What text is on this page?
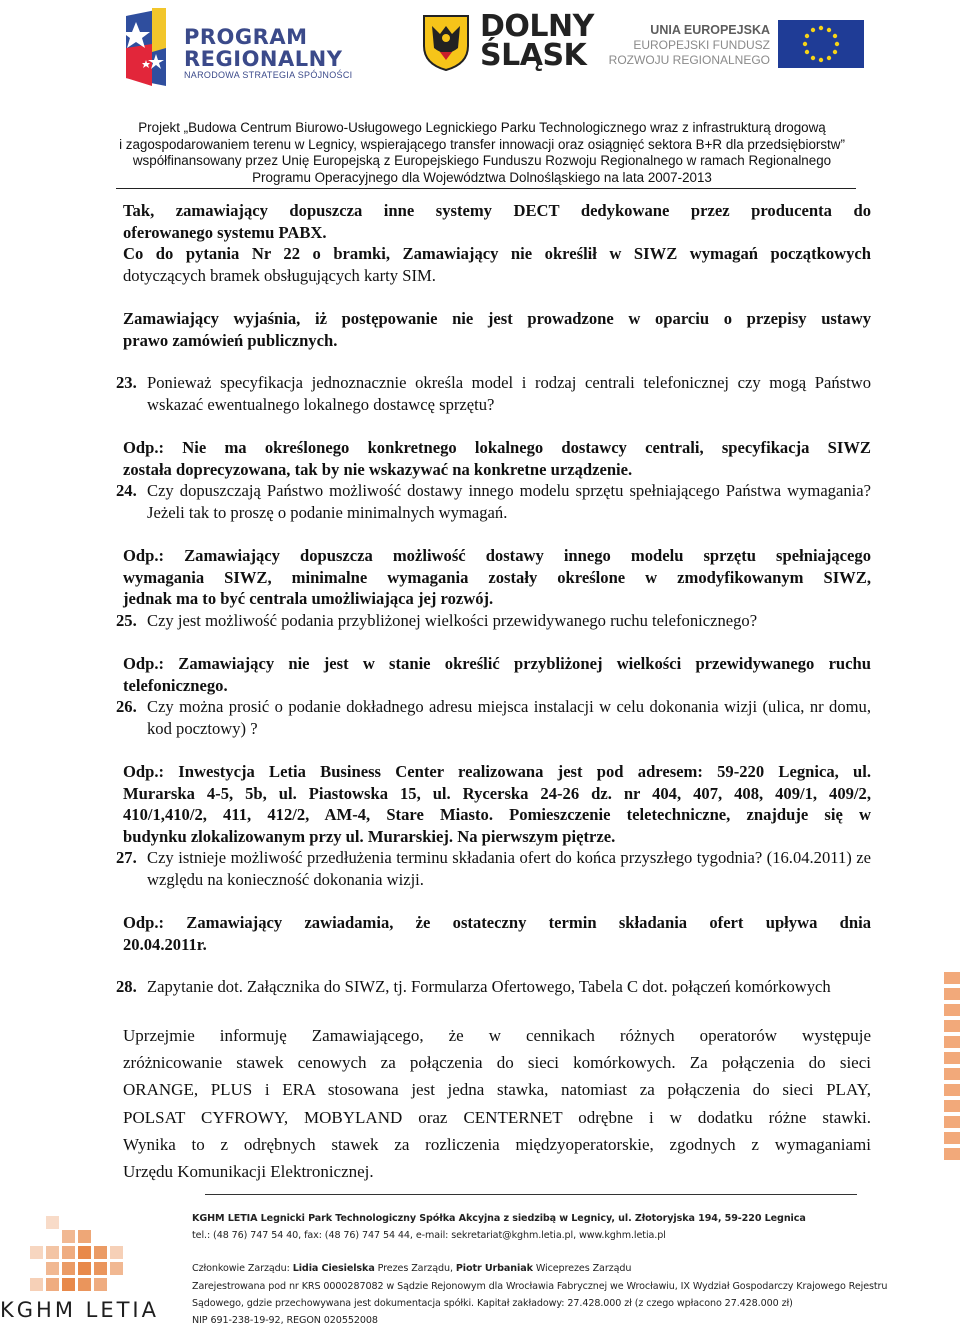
PROGRAM
REGIONALNY
NARODOWA STRATEGIA SPÓJNOŚCI
DOLNY
ŚLĄSK
UNIA EUROPEJSKA
EUROPEJSKI FUNDUSZ
ROZWOJU REGIONALNEGO
Projekt „Budowa Centrum Biurowo-Usługowego Legnickiego Parku Technologicznego wraz z infrastrukturą drogową
i zagospodarowaniem terenu w Legnicy, wspierającego transfer innowacji oraz osiągnięć sektora B+R dla przedsiębiorstw”
współfinansowany przez Unię Europejską z Europejskiego Funduszu Rozwoju Regionalnego w ramach Regionalnego
Programu Operacyjnego dla Województwa Dolnośląskiego na lata 2007-2013
Tak, zamawiający dopuszcza inne systemy DECT dedykowane przez producenta do
oferowanego systemu PABX.
Co do pytania Nr 22 o bramki, Zamawiający nie określił w SIWZ wymagań początkowych
dotyczących bramek obsługujących karty SIM.
Zamawiający wyjaśnia, iż postępowanie nie jest prowadzone w oparciu o przepisy ustawy
prawo zamówień publicznych.
23. Ponieważ specyfikacja jednoznacznie określa model i rodzaj centrali telefonicznej czy mogą Państwo wskazać ewentualnego lokalnego dostawcę sprzętu?
Odp.: Nie ma określonego konkretnego lokalnego dostawcy centrali, specyfikacja SIWZ
została doprecyzowana, tak by nie wskazywać na konkretne urządzenie.
24. Czy dopuszczają Państwo możliwość dostawy innego modelu sprzętu spełniającego Państwa wymagania? Jeżeli tak to proszę o podanie minimalnych wymagań.
Odp.: Zamawiający dopuszcza możliwość dostawy innego modelu sprzętu spełniającego
wymagania SIWZ, minimalne wymagania zostały określone w zmodyfikowanym SIWZ,
jednak ma to być centrala umożliwiająca jej rozwój.
25. Czy jest możliwość podania przybliżonej wielkości przewidywanego ruchu telefonicznego?
Odp.: Zamawiający nie jest w stanie określić przybliżonej wielkości przewidywanego ruchu
telefonicznego.
26. Czy można prosić o podanie dokładnego adresu miejsca instalacji w celu dokonania wizji (ulica, nr domu, kod pocztowy) ?
Odp.: Inwestycja Letia Business Center realizowana jest pod adresem: 59-220 Legnica, ul.
Murarska 4-5, 5b, ul. Piastowska 15, ul. Rycerska 24-26 dz. nr 404, 407, 408, 409/1, 409/2,
410/1,410/2, 411, 412/2, AM-4, Stare Miasto. Pomieszczenie teletechniczne, znajduje się w
budynku zlokalizowanym przy ul. Murarskiej. Na pierwszym piętrze.
27. Czy istnieje możliwość przedłużenia terminu składania ofert do końca przyszłego tygodnia? (16.04.2011) ze względu na konieczność dokonania wizji.
Odp.: Zamawiający zawiadamia, że ostateczny termin składania ofert upływa dnia
20.04.2011r.
28. Zapytanie dot. Załącznika do SIWZ, tj. Formularza Ofertowego, Tabela C dot. połączeń komórkowych
Uprzejmie informuję Zamawiającego, że w cennikach różnych operatorów występuje
zróżnicowanie stawek cenowych za połączenia do sieci komórkowych. Za połączenia do sieci
ORANGE, PLUS i ERA stosowana jest jedna stawka, natomiast za połączenia do sieci PLAY,
POLSAT CYFROWY, MOBYLAND oraz CENTERNET odrębne i w dodatku różne stawki.
Wynika to z odrębnych stawek za rozliczenia międzyoperatorskie, zgodnych z wymaganiami
Urzędu Komunikacji Elektronicznej.
KGHM LETIA
KGHM LETIA Legnicki Park Technologiczny Spółka Akcyjna z siedzibą w Legnicy, ul. Złotoryjska 194, 59-220 Legnica
tel.: (48 76) 747 54 40, fax: (48 76) 747 54 44, e-mail: sekretariat@kghm.letia.pl, www.kghm.letia.pl
Członkowie Zarządu: Lidia Ciesielska Prezes Zarządu, Piotr Urbaniak Wiceprezes Zarządu
Zarejestrowana pod nr KRS 0000287082 w Sądzie Rejonowym dla Wrocławia Fabrycznej we Wrocławiu, IX Wydział Gospodarczy Krajowego Rejestru
Sądowego, gdzie przechowywana jest dokumentacja spółki. Kapitał zakładowy: 27.428.000 zł (z czego wpłacono 27.428.000 zł)
NIP 691-238-19-92, REGON 020552008
